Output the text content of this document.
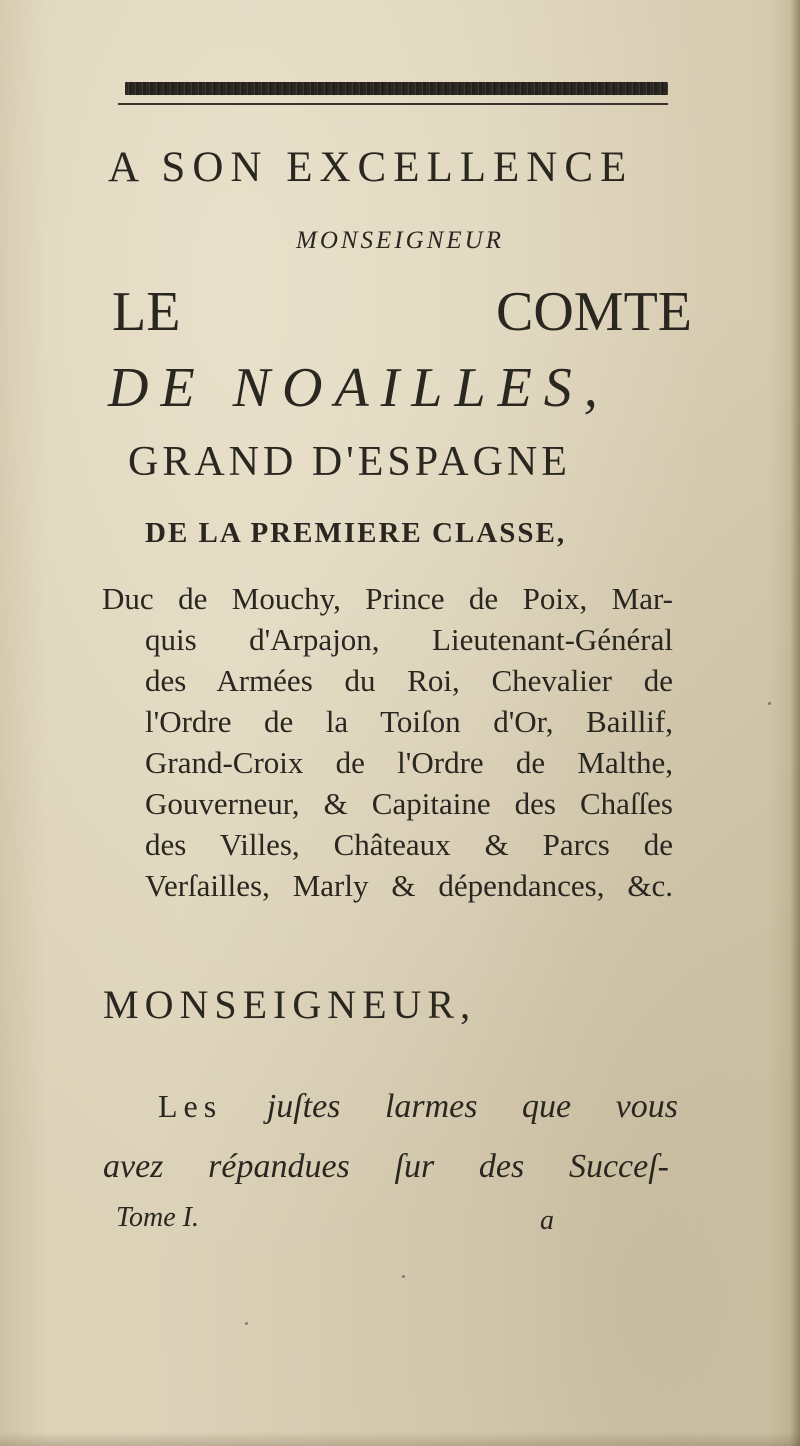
A SON EXCELLENCE

MONSEIGNEUR

LE COMTE

DE NOAILLES,

GRAND D'ESPAGNE

DE LA PREMIERE CLASSE,

Duc de Mouchy, Prince de Poix, Mar-

quis d'Arpajon, Lieutenant-Général

des Armées du Roi, Chevalier de

l'Ordre de la Toiſon d'Or, Baillif,

Grand-Croix de l'Ordre de Malthe,

Gouverneur, & Capitaine des Chaſſes

des Villes, Châteaux & Parcs de

Verſailles, Marly & dépendances, &c.

MONSEIGNEUR,

Les juſtes larmes que vous

avez répandues ſur des Succeſ-

Tome I.	a
